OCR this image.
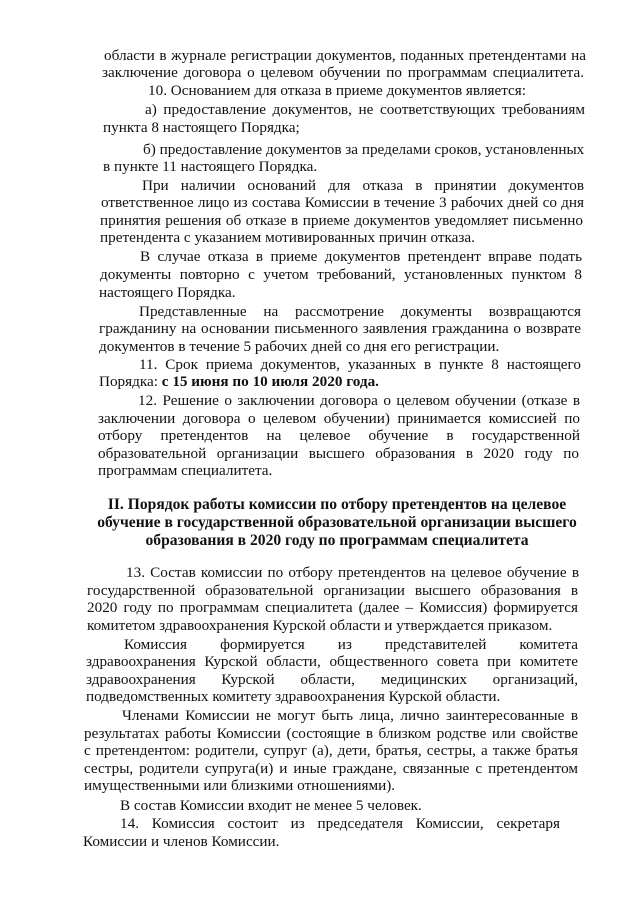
области в журнале регистрации документов, поданных претендентами на

заключение договора о целевом обучении по программам специалитета.

10. Основанием для отказа в приеме документов является:

а) предоставление документов, не соответствующих требованиям

пункта 8 настоящего Порядка;

б) предоставление документов за пределами сроков, установленных

в пункте 11 настоящего Порядка.

При наличии оснований для отказа в принятии документов

ответственное лицо из состава Комиссии в течение 3 рабочих дней со дня

принятия решения об отказе в приеме документов уведомляет письменно

претендента с указанием мотивированных причин отказа.

В случае отказа в приеме документов претендент вправе подать

документы повторно с учетом требований, установленных пунктом 8

настоящего Порядка.

Представленные на рассмотрение документы возвращаются

гражданину на основании письменного заявления гражданина о возврате

документов в течение 5 рабочих дней со дня его регистрации.

11. Срок приема документов, указанных в пункте 8 настоящего

Порядка: с 15 июня по 10 июля 2020 года.

12. Решение о заключении договора о целевом обучении (отказе в

заключении договора о целевом обучении) принимается комиссией по

отбору претендентов на целевое обучение в государственной

образовательной организации высшего образования в 2020 году по

программам специалитета.

II. Порядок работы комиссии по отбору претендентов на целевое

обучение в государственной образовательной организации высшего

образования в 2020 году по программам специалитета

13. Состав комиссии по отбору претендентов на целевое обучение в

государственной образовательной организации высшего образования в

2020 году по программам специалитета (далее – Комиссия) формируется

комитетом здравоохранения Курской области и утверждается приказом.

Комиссия формируется из представителей комитета

здравоохранения Курской области, общественного совета при комитете

здравоохранения Курской области, медицинских организаций,

подведомственных комитету здравоохранения Курской области.

Членами Комиссии не могут быть лица, лично заинтересованные в

результатах работы Комиссии (состоящие в близком родстве или свойстве

с претендентом: родители, супруг (а), дети, братья, сестры, а также братья

сестры, родители супруга(и) и иные граждане, связанные с претендентом

имущественными или близкими отношениями).

В состав Комиссии входит не менее 5 человек.

14. Комиссия состоит из председателя Комиссии, секретаря

Комиссии и членов Комиссии.
